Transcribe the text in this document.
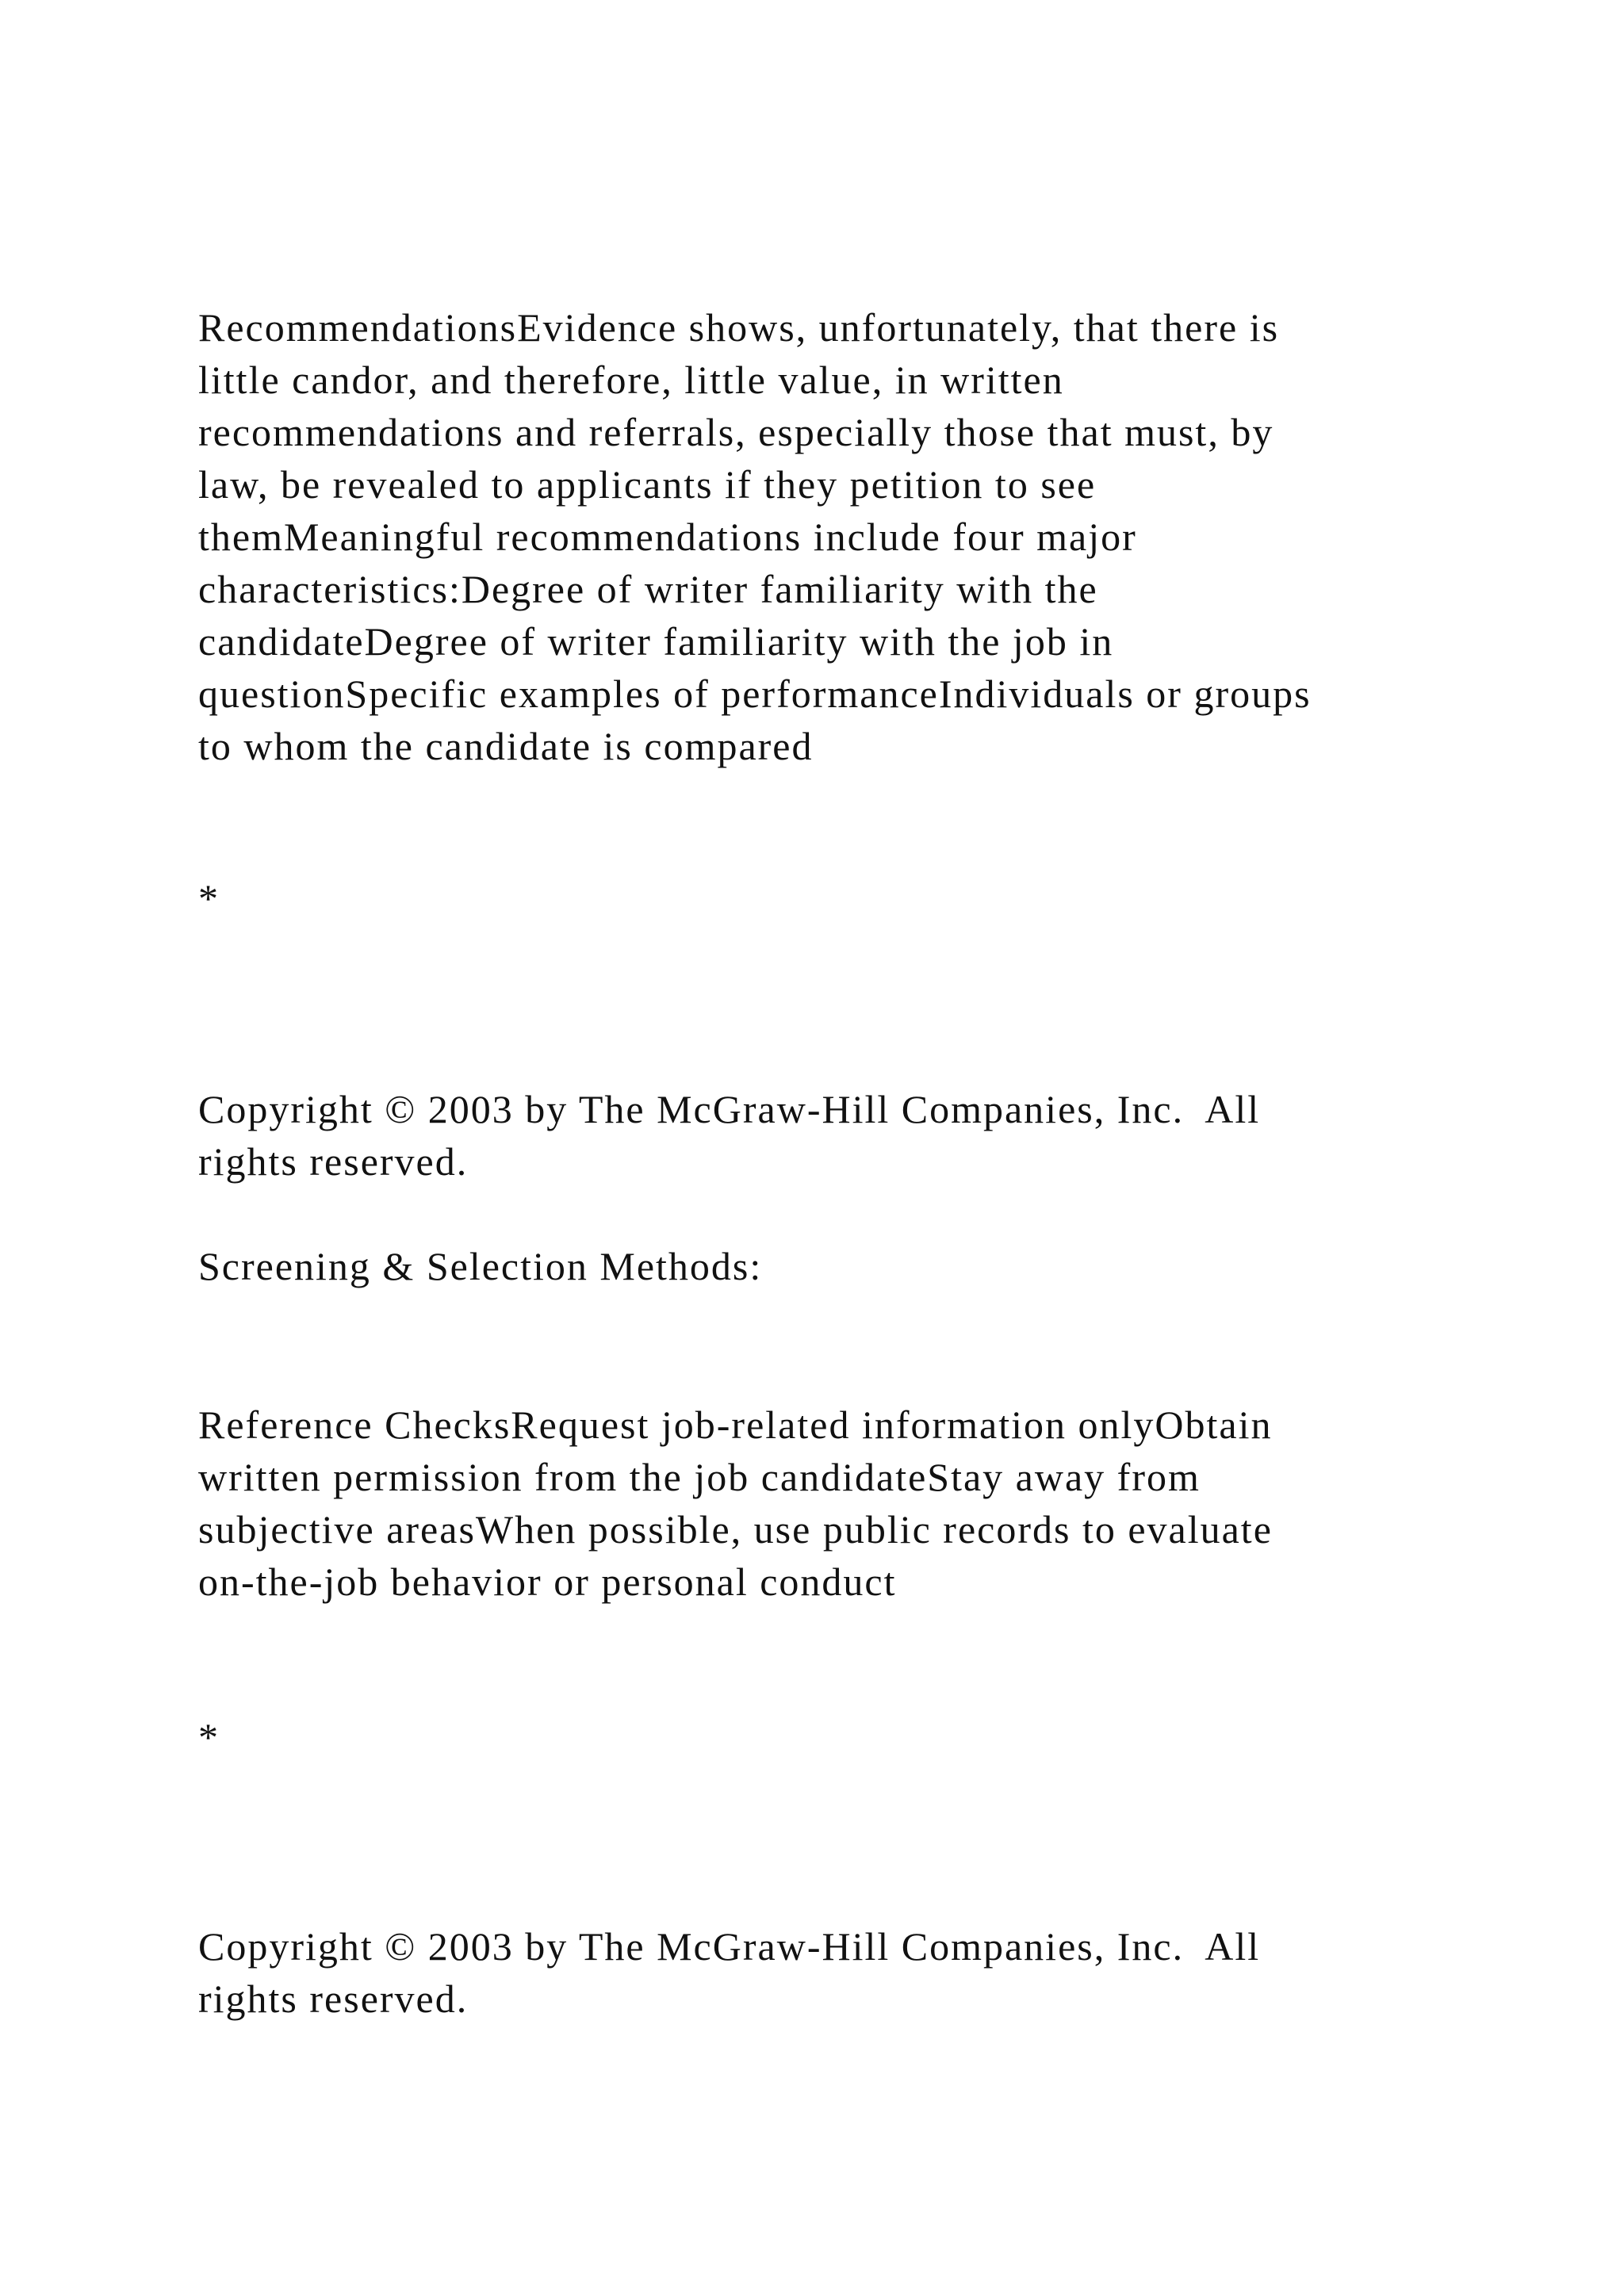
RecommendationsEvidence shows, unfortunately, that there is
little candor, and therefore, little value, in written
recommendations and referrals, especially those that must, by
law, be revealed to applicants if they petition to see
themMeaningful recommendations include four major
characteristics:Degree of writer familiarity with the
candidateDegree of writer familiarity with the job in
questionSpecific examples of performanceIndividuals or groups
to whom the candidate is compared
*
Copyright © 2003 by The McGraw-Hill Companies, Inc.  All
rights reserved.
Screening & Selection Methods:
Reference ChecksRequest job-related information onlyObtain
written permission from the job candidateStay away from
subjective areasWhen possible, use public records to evaluate
on-the-job behavior or personal conduct
*
Copyright © 2003 by The McGraw-Hill Companies, Inc.  All
rights reserved.
